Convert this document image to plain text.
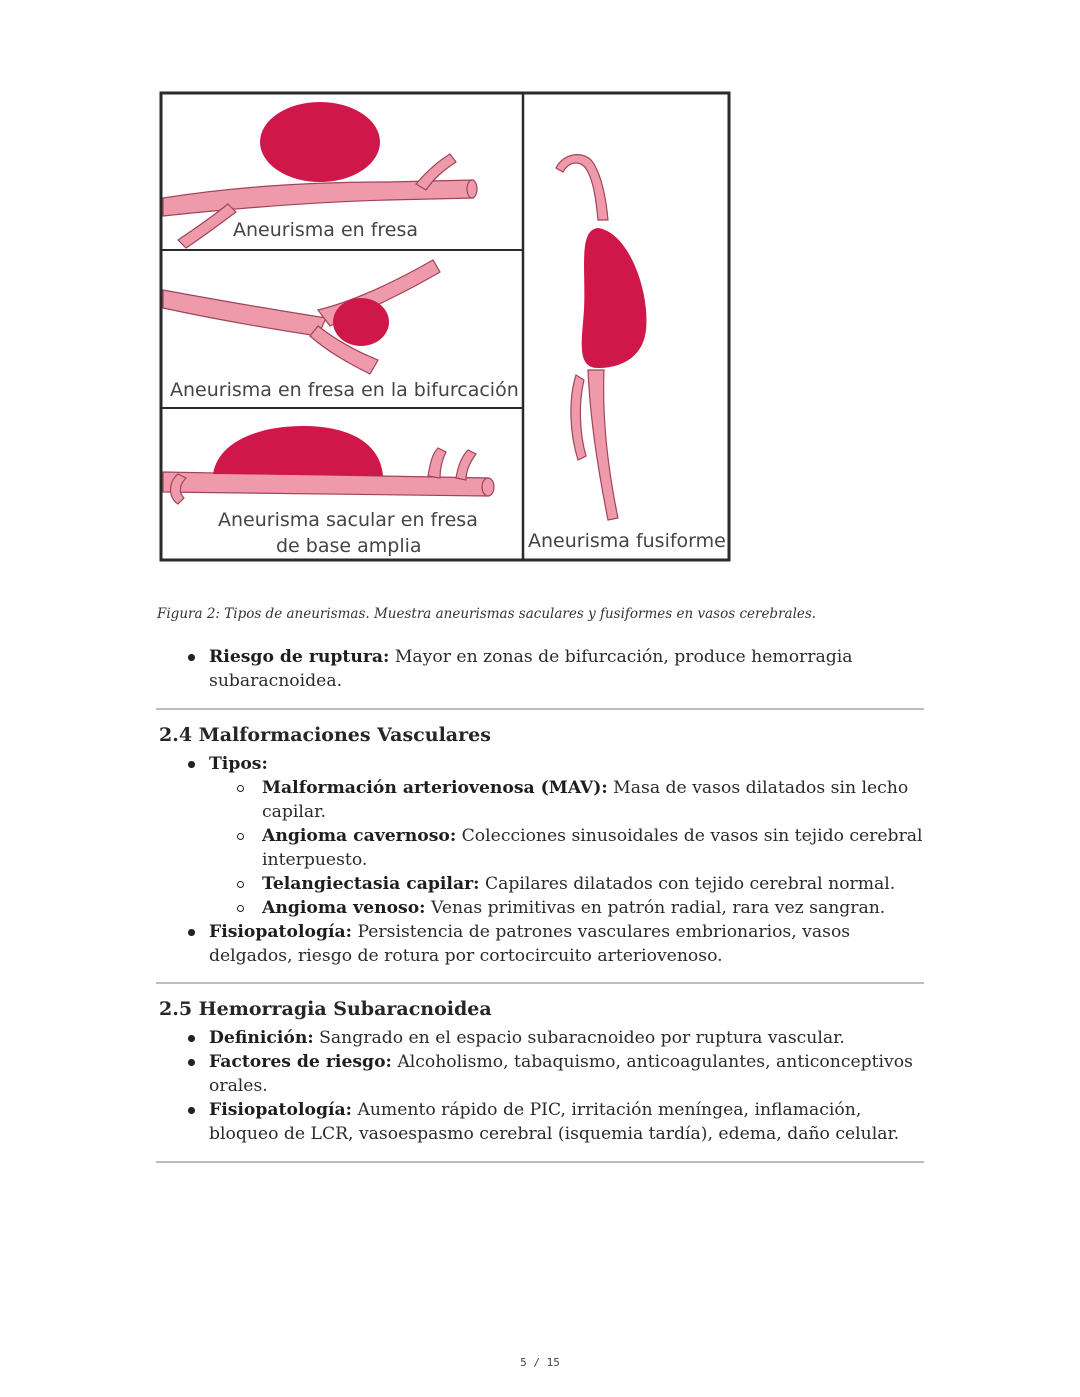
Aneurisma en fresa
Aneurisma en fresa en la bifurcación
Aneurisma sacular en fresa
de base amplia	Aneurisma fusiforme
Figura 2: Tipos de aneurismas. Muestra aneurismas saculares y fusiformes en vasos cerebrales.
Riesgo de ruptura: Mayor en zonas de bifurcación, produce hemorragia subaracnoidea.
2.4 Malformaciones Vasculares
Tipos:
Malformación arteriovenosa (MAV): Masa de vasos dilatados sin lecho capilar.
Angioma cavernoso: Colecciones sinusoidales de vasos sin tejido cerebral interpuesto.
Telangiectasia capilar: Capilares dilatados con tejido cerebral normal.
Angioma venoso: Venas primitivas en patrón radial, rara vez sangran.
Fisiopatología: Persistencia de patrones vasculares embrionarios, vasos delgados, riesgo de rotura por cortocircuito arteriovenoso.
2.5 Hemorragia Subaracnoidea
Definición: Sangrado en el espacio subaracnoideo por ruptura vascular.
Factores de riesgo: Alcoholismo, tabaquismo, anticoagulantes, anticonceptivos orales.
Fisiopatología: Aumento rápido de PIC, irritación meníngea, inflamación, bloqueo de LCR, vasoespasmo cerebral (isquemia tardía), edema, daño celular.
5 / 15
